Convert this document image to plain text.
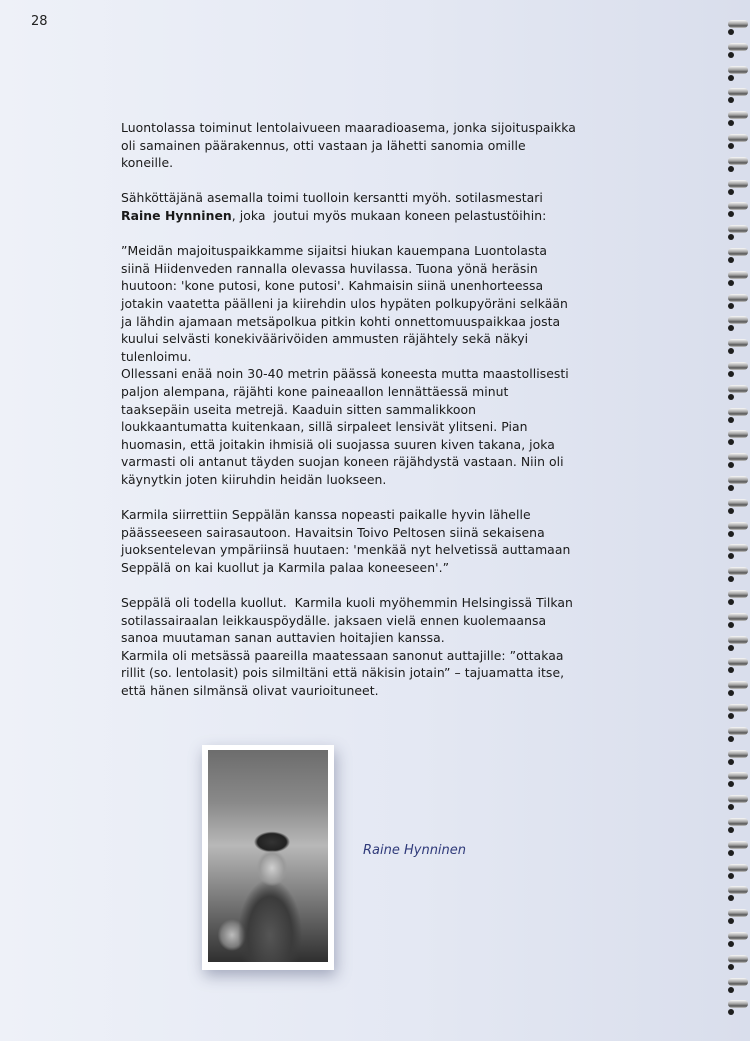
28

Luontolassa toiminut lentolaivueen maaradioasema, jonka sijoituspaikka
oli samainen päärakennus, otti vastaan ja lähetti sanomia omille
koneille.

Sähköttäjänä asemalla toimi tuolloin kersantti myöh. sotilasmestari
Raine Hynninen, joka  joutui myös mukaan koneen pelastustöihin:

”Meidän majoituspaikkamme sijaitsi hiukan kauempana Luontolasta
siinä Hiidenveden rannalla olevassa huvilassa. Tuona yönä heräsin
huutoon: 'kone putosi, kone putosi'. Kahmaisin siinä unenhorteessa
jotakin vaatetta päälleni ja kiirehdin ulos hypäten polkupyöräni selkään
ja lähdin ajamaan metsäpolkua pitkin kohti onnettomuuspaikkaa josta
kuului selvästi konekiväärivöiden ammusten räjähtely sekä näkyi
tulenloimu.
Ollessani enää noin 30-40 metrin päässä koneesta mutta maastollisesti
paljon alempana, räjähti kone paineaallon lennättäessä minut
taaksepäin useita metrejä. Kaaduin sitten sammalikkoon
loukkaantumatta kuitenkaan, sillä sirpaleet lensivät ylitseni. Pian
huomasin, että joitakin ihmisiä oli suojassa suuren kiven takana, joka
varmasti oli antanut täyden suojan koneen räjähdystä vastaan. Niin oli
käynytkin joten kiiruhdin heidän luokseen.

Karmila siirrettiin Seppälän kanssa nopeasti paikalle hyvin lähelle
päässeeseen sairasautoon. Havaitsin Toivo Peltosen siinä sekaisena
juoksentelevan ympäriinsä huutaen: 'menkää nyt helvetissä auttamaan
Seppälä on kai kuollut ja Karmila palaa koneeseen'.”

Seppälä oli todella kuollut.  Karmila kuoli myöhemmin Helsingissä Tilkan
sotilassairaalan leikkauspöydälle. jaksaen vielä ennen kuolemaansa
sanoa muutaman sanan auttavien hoitajien kanssa.
Karmila oli metsässä paareilla maatessaan sanonut auttajille: ”ottakaa
rillit (so. lentolasit) pois silmiltäni että näkisin jotain” – tajuamatta itse,
että hänen silmänsä olivat vaurioituneet.

Raine Hynninen
